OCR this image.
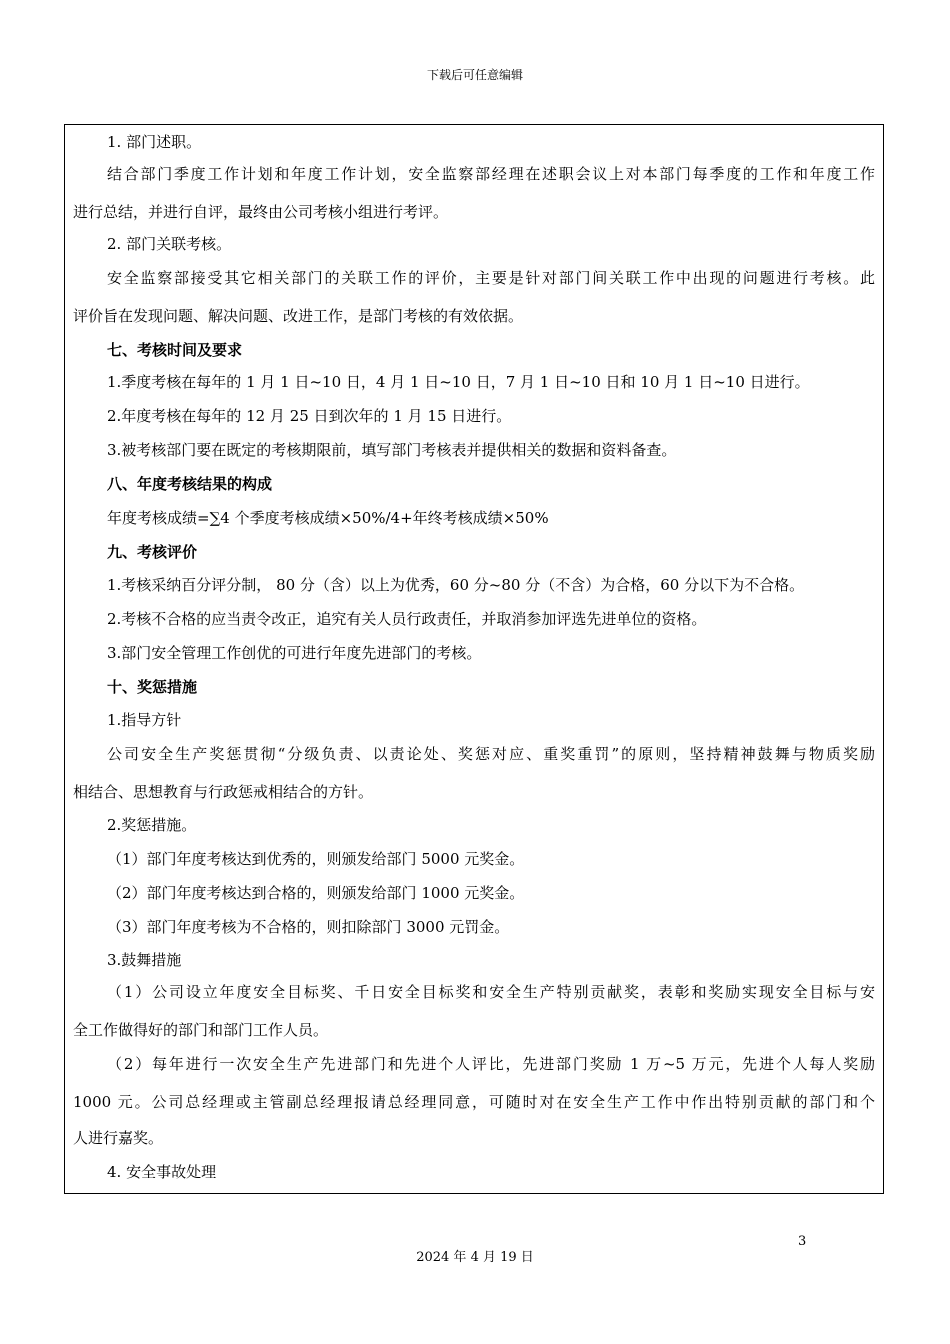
下载后可任意编辑
1. 部门述职。
结合部门季度工作计划和年度工作计划，安全监察部经理在述职会议上对本部门每季度的工作和年度工作
进行总结，并进行自评，最终由公司考核小组进行考评。
2. 部门关联考核。
安全监察部接受其它相关部门的关联工作的评价，主要是针对部门间关联工作中出现的问题进行考核。此
评价旨在发现问题、解决问题、改进工作，是部门考核的有效依据。
七、考核时间及要求
1.季度考核在每年的 1 月 1 日~10 日，4 月 1 日~10 日，7 月 1 日~10 日和 10 月 1 日~10 日进行。
2.年度考核在每年的 12 月 25 日到次年的 1 月 15 日进行。
3.被考核部门要在既定的考核期限前，填写部门考核表并提供相关的数据和资料备查。
八、年度考核结果的构成
年度考核成绩=∑4 个季度考核成绩×50%/4+年终考核成绩×50%
九、考核评价
1.考核采纳百分评分制， 80 分（含）以上为优秀，60 分~80 分（不含）为合格，60 分以下为不合格。
2.考核不合格的应当责令改正，追究有关人员行政责任，并取消参加评选先进单位的资格。
3.部门安全管理工作创优的可进行年度先进部门的考核。
十、奖惩措施
1.指导方针
公司安全生产奖惩贯彻“分级负责、以责论处、奖惩对应、重奖重罚”的原则，坚持精神鼓舞与物质奖励
相结合、思想教育与行政惩戒相结合的方针。
2.奖惩措施。
（1）部门年度考核达到优秀的，则颁发给部门 5000 元奖金。
（2）部门年度考核达到合格的，则颁发给部门 1000 元奖金。
（3）部门年度考核为不合格的，则扣除部门 3000 元罚金。
3.鼓舞措施
（1）公司设立年度安全目标奖、千日安全目标奖和安全生产特别贡献奖，表彰和奖励实现安全目标与安
全工作做得好的部门和部门工作人员。
（2）每年进行一次安全生产先进部门和先进个人评比，先进部门奖励 1 万~5 万元，先进个人每人奖励
1000 元。公司总经理或主管副总经理报请总经理同意，可随时对在安全生产工作中作出特别贡献的部门和个
人进行嘉奖。
4. 安全事故处理
3
2024 年 4 月 19 日
